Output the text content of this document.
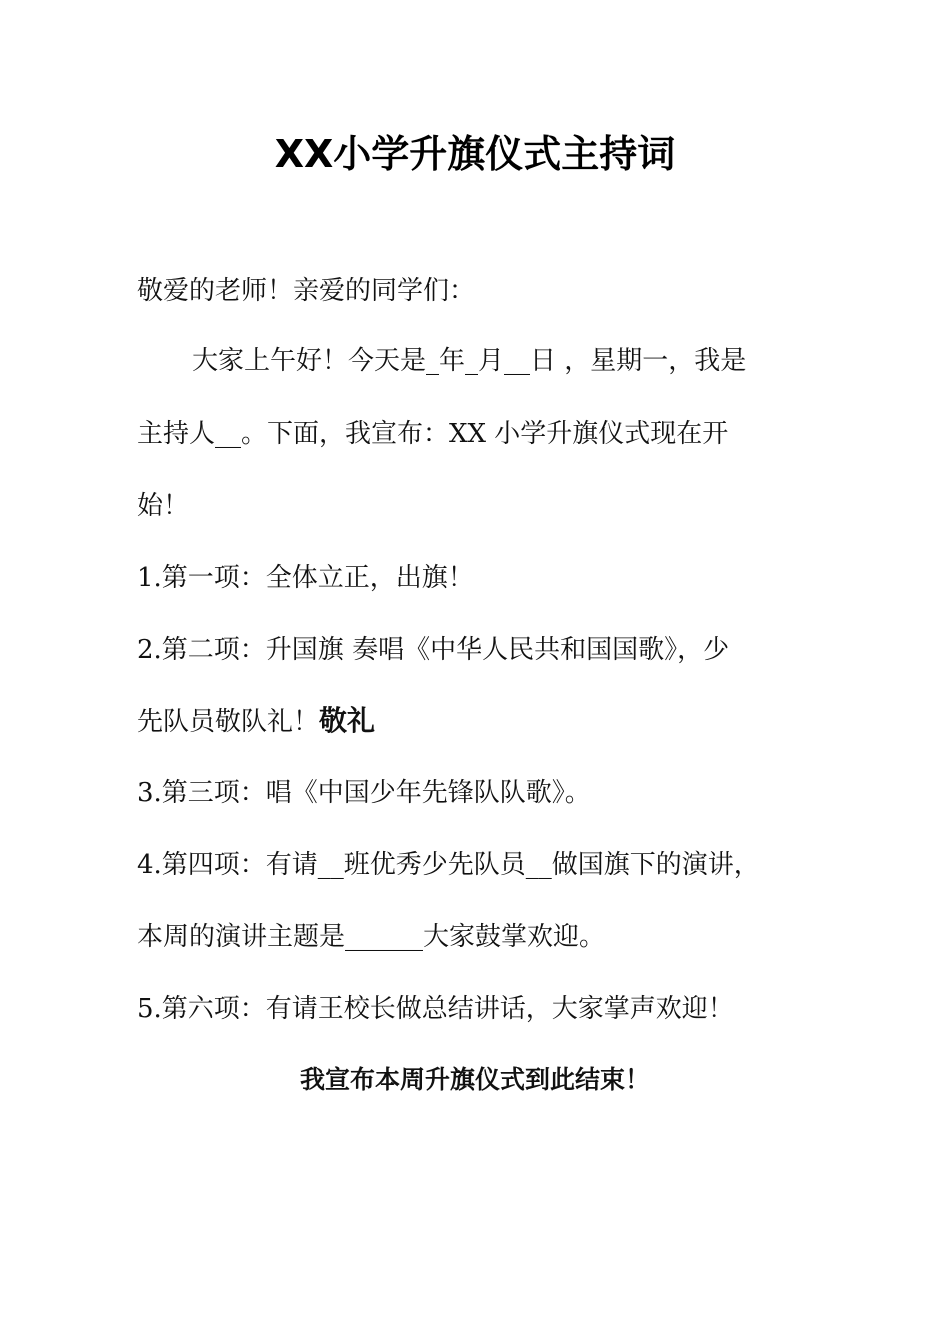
XX小学升旗仪式主持词
敬爱的老师！亲爱的同学们：
大家上午好！今天是_年_月__日 ，星期一，我是
主持人__。下面，我宣布：XX 小学升旗仪式现在开
始！
1.第一项：全体立正，出旗！
2.第二项：升国旗 奏唱《中华人民共和国国歌》，少
先队员敬队礼！敬礼
3.第三项：唱《中国少年先锋队队歌》。
4.第四项：有请__班优秀少先队员__做国旗下的演讲，
本周的演讲主题是______大家鼓掌欢迎。
5.第六项：有请王校长做总结讲话，大家掌声欢迎！
我宣布本周升旗仪式到此结束！
